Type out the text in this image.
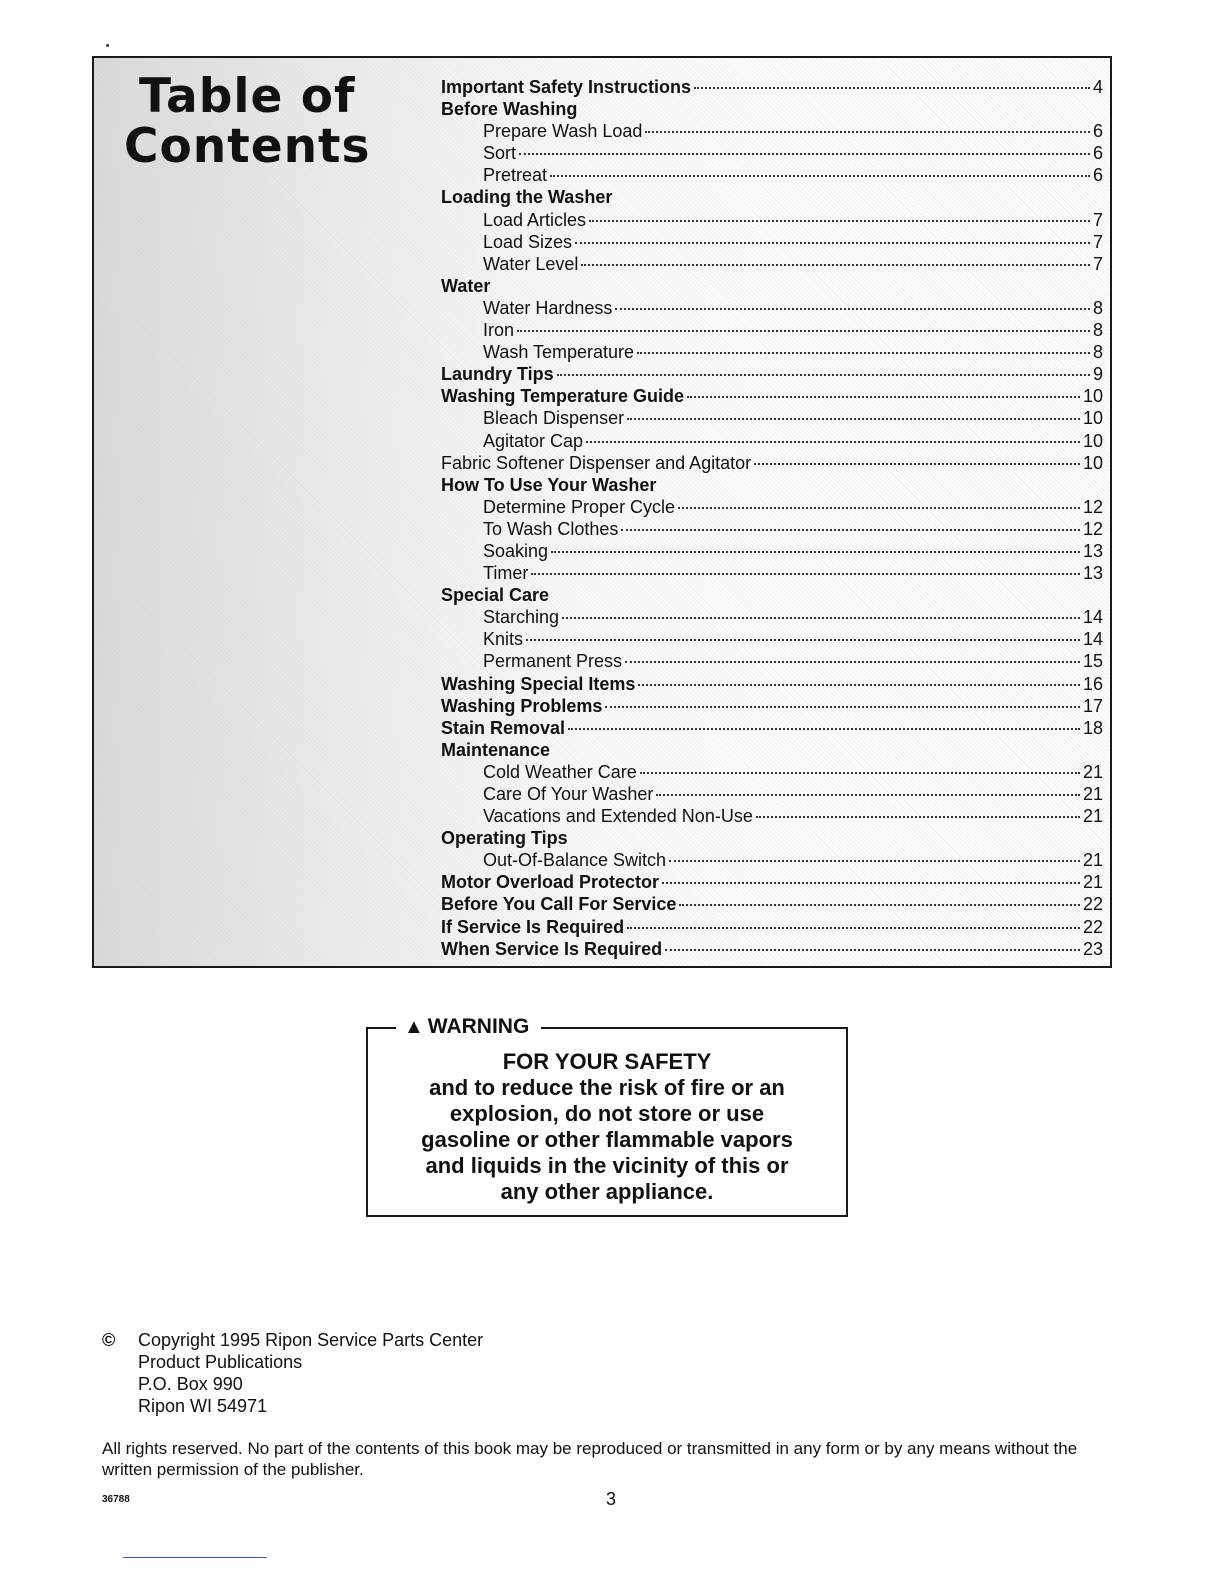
Table of
Contents
Important Safety Instructions	4
Before Washing
Prepare Wash Load	6
Sort	6
Pretreat	6
Loading the Washer
Load Articles	7
Load Sizes	7
Water Level	7
Water
Water Hardness	8
Iron	8
Wash Temperature	8
Laundry Tips	9
Washing Temperature Guide	10
Bleach Dispenser	10
Agitator Cap	10
Fabric Softener Dispenser and Agitator	10
How To Use Your Washer
Determine Proper Cycle	12
To Wash Clothes	12
Soaking	13
Timer	13
Special Care
Starching	14
Knits	14
Permanent Press	15
Washing Special Items	16
Washing Problems	17
Stain Removal	18
Maintenance
Cold Weather Care	21
Care Of Your Washer	21
Vacations and Extended Non-Use	21
Operating Tips
Out-Of-Balance Switch	21
Motor Overload Protector	21
Before You Call For Service	22
If Service Is Required	22
When Service Is Required	23
▲ WARNING
FOR YOUR SAFETY
and to reduce the risk of fire or an
explosion, do not store or use
gasoline or other flammable vapors
and liquids in the vicinity of this or
any other appliance.
© Copyright 1995 Ripon Service Parts Center
Product Publications
P.O. Box 990
Ripon WI 54971

All rights reserved. No part of the contents of this book may be reproduced or transmitted in any form or by any means without the written permission of the publisher.

36788	3
